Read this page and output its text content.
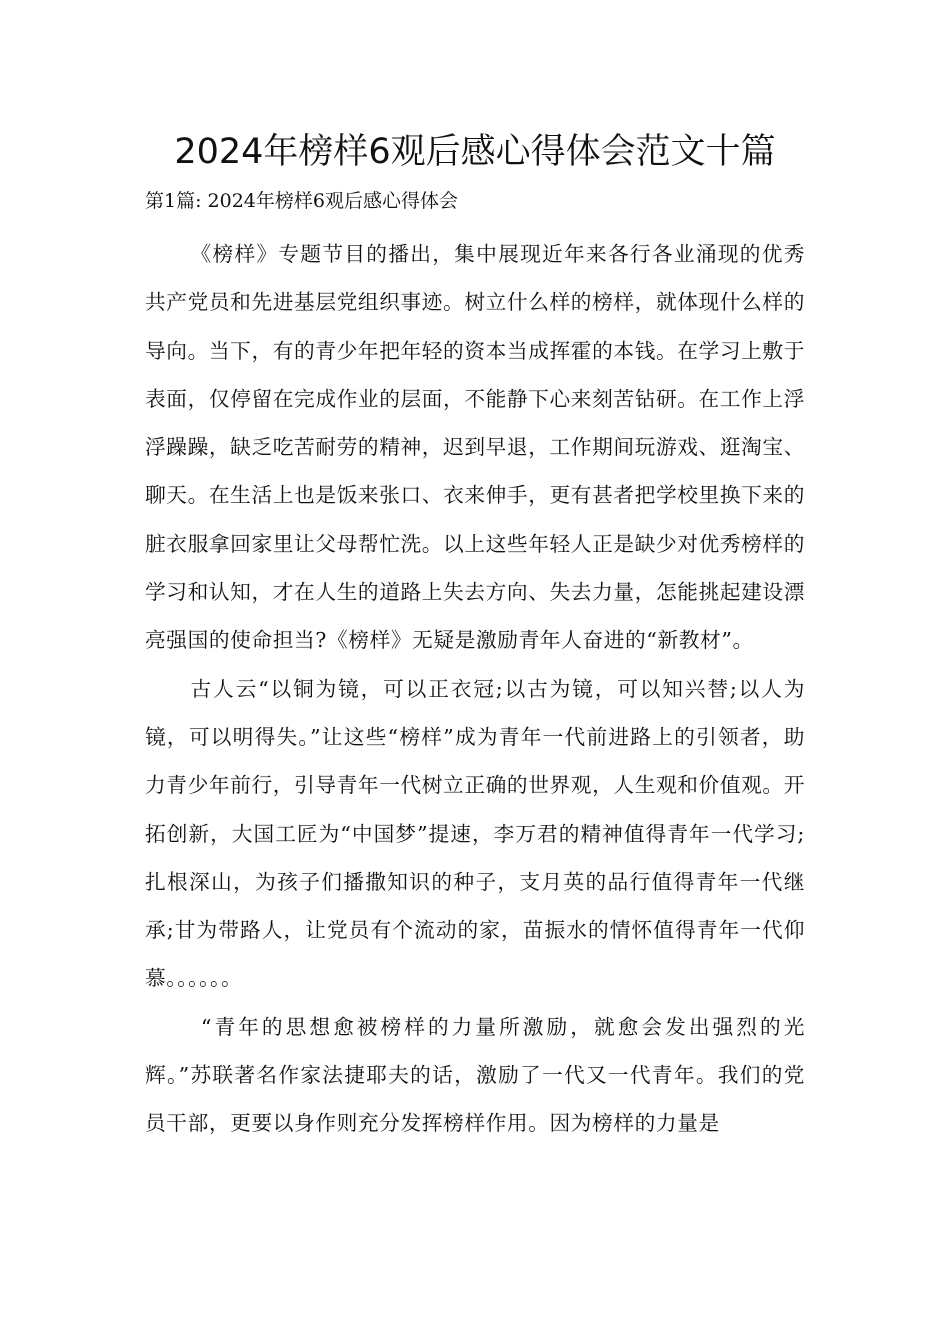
2024年榜样6观后感心得体会范文十篇

第1篇: 2024年榜样6观后感心得体会

《榜样》专题节目的播出，集中展现近年来各行各业涌现的优秀共产党员和先进基层党组织事迹。树立什么样的榜样，就体现什么样的导向。当下，有的青少年把年轻的资本当成挥霍的本钱。在学习上敷于表面，仅停留在完成作业的层面，不能静下心来刻苦钻研。在工作上浮浮躁躁，缺乏吃苦耐劳的精神，迟到早退，工作期间玩游戏、逛淘宝、聊天。在生活上也是饭来张口、衣来伸手，更有甚者把学校里换下来的脏衣服拿回家里让父母帮忙洗。以上这些年轻人正是缺少对优秀榜样的学习和认知，才在人生的道路上失去方向、失去力量，怎能挑起建设漂亮强国的使命担当?《榜样》无疑是激励青年人奋进的“新教材”。

古人云“以铜为镜，可以正衣冠;以古为镜，可以知兴替;以人为镜，可以明得失。”让这些“榜样”成为青年一代前进路上的引领者，助力青少年前行，引导青年一代树立正确的世界观，人生观和价值观。开拓创新，大国工匠为“中国梦”提速，李万君的精神值得青年一代学习;扎根深山，为孩子们播撒知识的种子，支月英的品行值得青年一代继承;甘为带路人，让党员有个流动的家，苗振水的情怀值得青年一代仰慕。。。。。。

“青年的思想愈被榜样的力量所激励，就愈会发出强烈的光辉。”苏联著名作家法捷耶夫的话，激励了一代又一代青年。我们的党员干部，更要以身作则充分发挥榜样作用。因为榜样的力量是
